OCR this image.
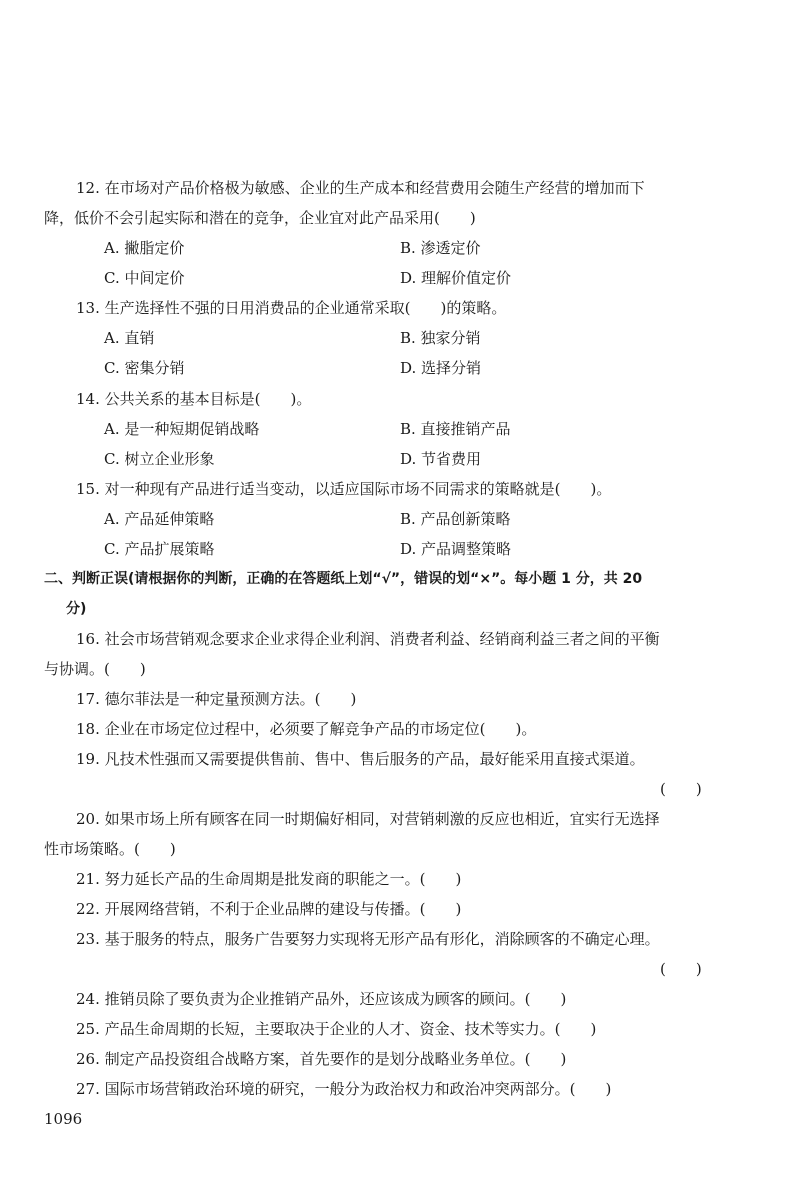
12. 在市场对产品价格极为敏感、企业的生产成本和经营费用会随生产经营的增加而下
降，低价不会引起实际和潜在的竞争，企业宜对此产品采用(　　)
A. 撇脂定价	B. 渗透定价
C. 中间定价	D. 理解价值定价
13. 生产选择性不强的日用消费品的企业通常采取(　　)的策略。
A. 直销	B. 独家分销
C. 密集分销	D. 选择分销
14. 公共关系的基本目标是(　　)。
A. 是一种短期促销战略	B. 直接推销产品
C. 树立企业形象	D. 节省费用
15. 对一种现有产品进行适当变动，以适应国际市场不同需求的策略就是(　　)。
A. 产品延伸策略	B. 产品创新策略
C. 产品扩展策略	D. 产品调整策略
二、判断正误(请根据你的判断，正确的在答题纸上划“√”，错误的划“×”。每小题 1 分，共 20
分)
16. 社会市场营销观念要求企业求得企业利润、消费者利益、经销商利益三者之间的平衡
与协调。(　　)
17. 德尔菲法是一种定量预测方法。(　　)
18. 企业在市场定位过程中，必须要了解竞争产品的市场定位(　　)。
19. 凡技术性强而又需要提供售前、售中、售后服务的产品，最好能采用直接式渠道。
(　　)
20. 如果市场上所有顾客在同一时期偏好相同，对营销刺激的反应也相近，宜实行无选择
性市场策略。(　　)
21. 努力延长产品的生命周期是批发商的职能之一。(　　)
22. 开展网络营销，不利于企业品牌的建设与传播。(　　)
23. 基于服务的特点，服务广告要努力实现将无形产品有形化，消除顾客的不确定心理。
(　　)
24. 推销员除了要负责为企业推销产品外，还应该成为顾客的顾问。(　　)
25. 产品生命周期的长短，主要取决于企业的人才、资金、技术等实力。(　　)
26. 制定产品投资组合战略方案，首先要作的是划分战略业务单位。(　　)
27. 国际市场营销政治环境的研究，一般分为政治权力和政治冲突两部分。(　　)
1096
